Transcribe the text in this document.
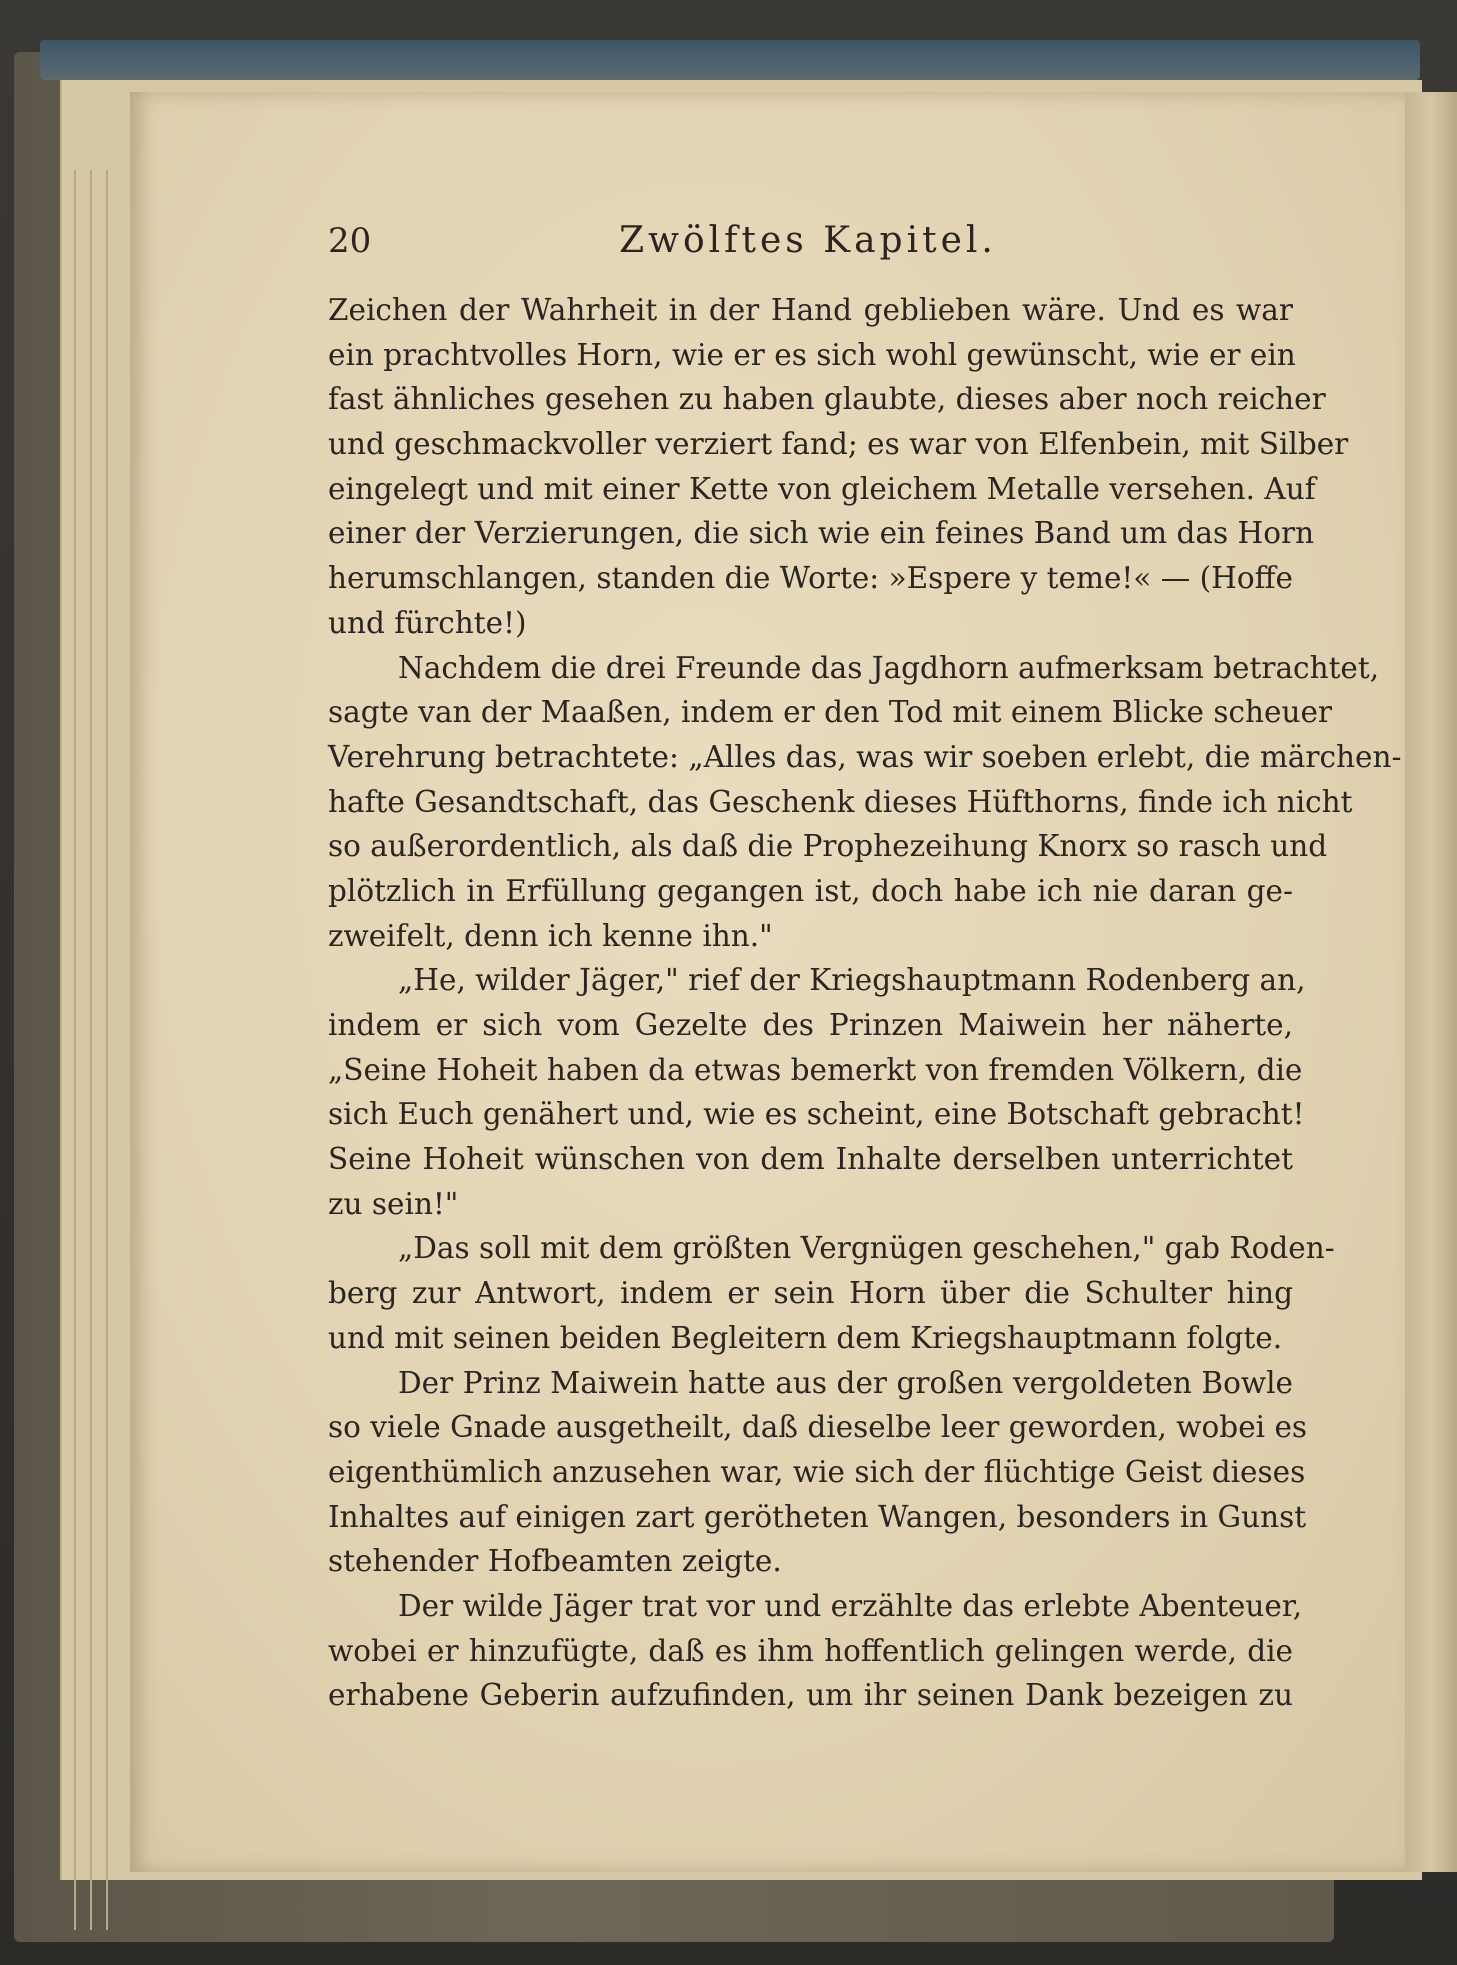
20	Zwölftes Kapitel.
Zeichen der Wahrheit in der Hand geblieben wäre. Und es war
ein prachtvolles Horn, wie er es sich wohl gewünscht, wie er ein
fast ähnliches gesehen zu haben glaubte, dieses aber noch reicher
und geschmackvoller verziert fand; es war von Elfenbein, mit Silber
eingelegt und mit einer Kette von gleichem Metalle versehen. Auf
einer der Verzierungen, die sich wie ein feines Band um das Horn
herumschlangen, standen die Worte: »Espere y teme!« — (Hoffe
und fürchte!)
Nachdem die drei Freunde das Jagdhorn aufmerksam betrachtet,
sagte van der Maaßen, indem er den Tod mit einem Blicke scheuer
Verehrung betrachtete: „Alles das, was wir soeben erlebt, die märchen-
hafte Gesandtschaft, das Geschenk dieses Hüfthorns, finde ich nicht
so außerordentlich, als daß die Prophezeihung Knorx so rasch und
plötzlich in Erfüllung gegangen ist, doch habe ich nie daran ge-
zweifelt, denn ich kenne ihn."
„He, wilder Jäger," rief der Kriegshauptmann Rodenberg an,
indem er sich vom Gezelte des Prinzen Maiwein her näherte,
„Seine Hoheit haben da etwas bemerkt von fremden Völkern, die
sich Euch genähert und, wie es scheint, eine Botschaft gebracht!
Seine Hoheit wünschen von dem Inhalte derselben unterrichtet
zu sein!"
„Das soll mit dem größten Vergnügen geschehen," gab Roden-
berg zur Antwort, indem er sein Horn über die Schulter hing
und mit seinen beiden Begleitern dem Kriegshauptmann folgte.
Der Prinz Maiwein hatte aus der großen vergoldeten Bowle
so viele Gnade ausgetheilt, daß dieselbe leer geworden, wobei es
eigenthümlich anzusehen war, wie sich der flüchtige Geist dieses
Inhaltes auf einigen zart gerötheten Wangen, besonders in Gunst
stehender Hofbeamten zeigte.
Der wilde Jäger trat vor und erzählte das erlebte Abenteuer,
wobei er hinzufügte, daß es ihm hoffentlich gelingen werde, die
erhabene Geberin aufzufinden, um ihr seinen Dank bezeigen zu
